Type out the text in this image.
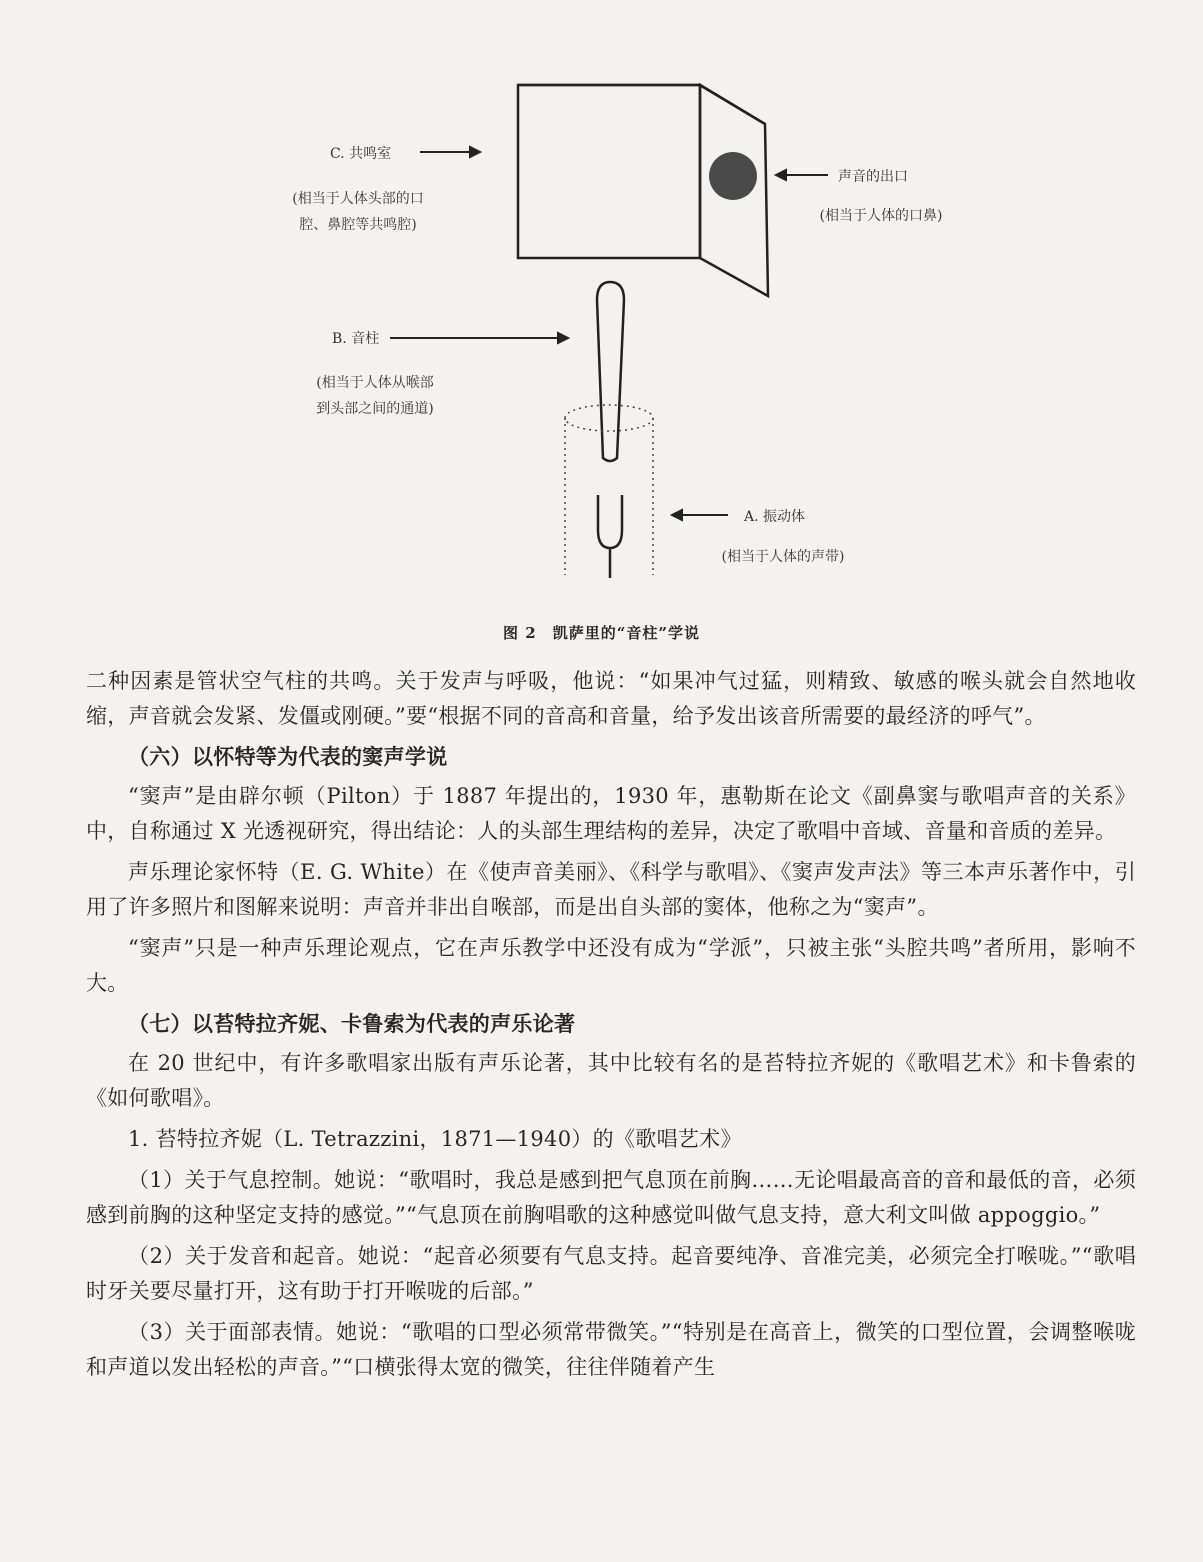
C. 共鸣室
(相当于人体头部的口
腔、鼻腔等共鸣腔)
声音的出口
(相当于人体的口鼻)
B. 音柱
(相当于人体从喉部
到头部之间的通道)
A. 振动体
(相当于人体的声带)
图 2　凯萨里的“音柱”学说

二种因素是管状空气柱的共鸣。关于发声与呼吸，他说：“如果冲气过猛，则精致、敏感的喉头就会自然地收缩，声音就会发紧、发僵或刚硬。”要“根据不同的音高和音量，给予发出该音所需要的最经济的呼气”。

（六）以怀特等为代表的窦声学说

“窦声”是由辟尔顿（Pilton）于 1887 年提出的，1930 年，惠勒斯在论文《副鼻窦与歌唱声音的关系》中，自称通过 X 光透视研究，得出结论：人的头部生理结构的差异，决定了歌唱中音域、音量和音质的差异。

声乐理论家怀特（E. G. White）在《使声音美丽》、《科学与歌唱》、《窦声发声法》等三本声乐著作中，引用了许多照片和图解来说明：声音并非出自喉部，而是出自头部的窦体，他称之为“窦声”。

“窦声”只是一种声乐理论观点，它在声乐教学中还没有成为“学派”，只被主张“头腔共鸣”者所用，影响不大。

（七）以苔特拉齐妮、卡鲁索为代表的声乐论著

在 20 世纪中，有许多歌唱家出版有声乐论著，其中比较有名的是苔特拉齐妮的《歌唱艺术》和卡鲁索的《如何歌唱》。

1. 苔特拉齐妮（L. Tetrazzini，1871—1940）的《歌唱艺术》

（1）关于气息控制。她说：“歌唱时，我总是感到把气息顶在前胸……无论唱最高音的音和最低的音，必须感到前胸的这种坚定支持的感觉。”“气息顶在前胸唱歌的这种感觉叫做气息支持，意大利文叫做 appoggio。”

（2）关于发音和起音。她说：“起音必须要有气息支持。起音要纯净、音准完美，必须完全打喉咙。”“歌唱时牙关要尽量打开，这有助于打开喉咙的后部。”

（3）关于面部表情。她说：“歌唱的口型必须常带微笑。”“特别是在高音上，微笑的口型位置，会调整喉咙和声道以发出轻松的声音。”“口横张得太宽的微笑，往往伴随着产生
